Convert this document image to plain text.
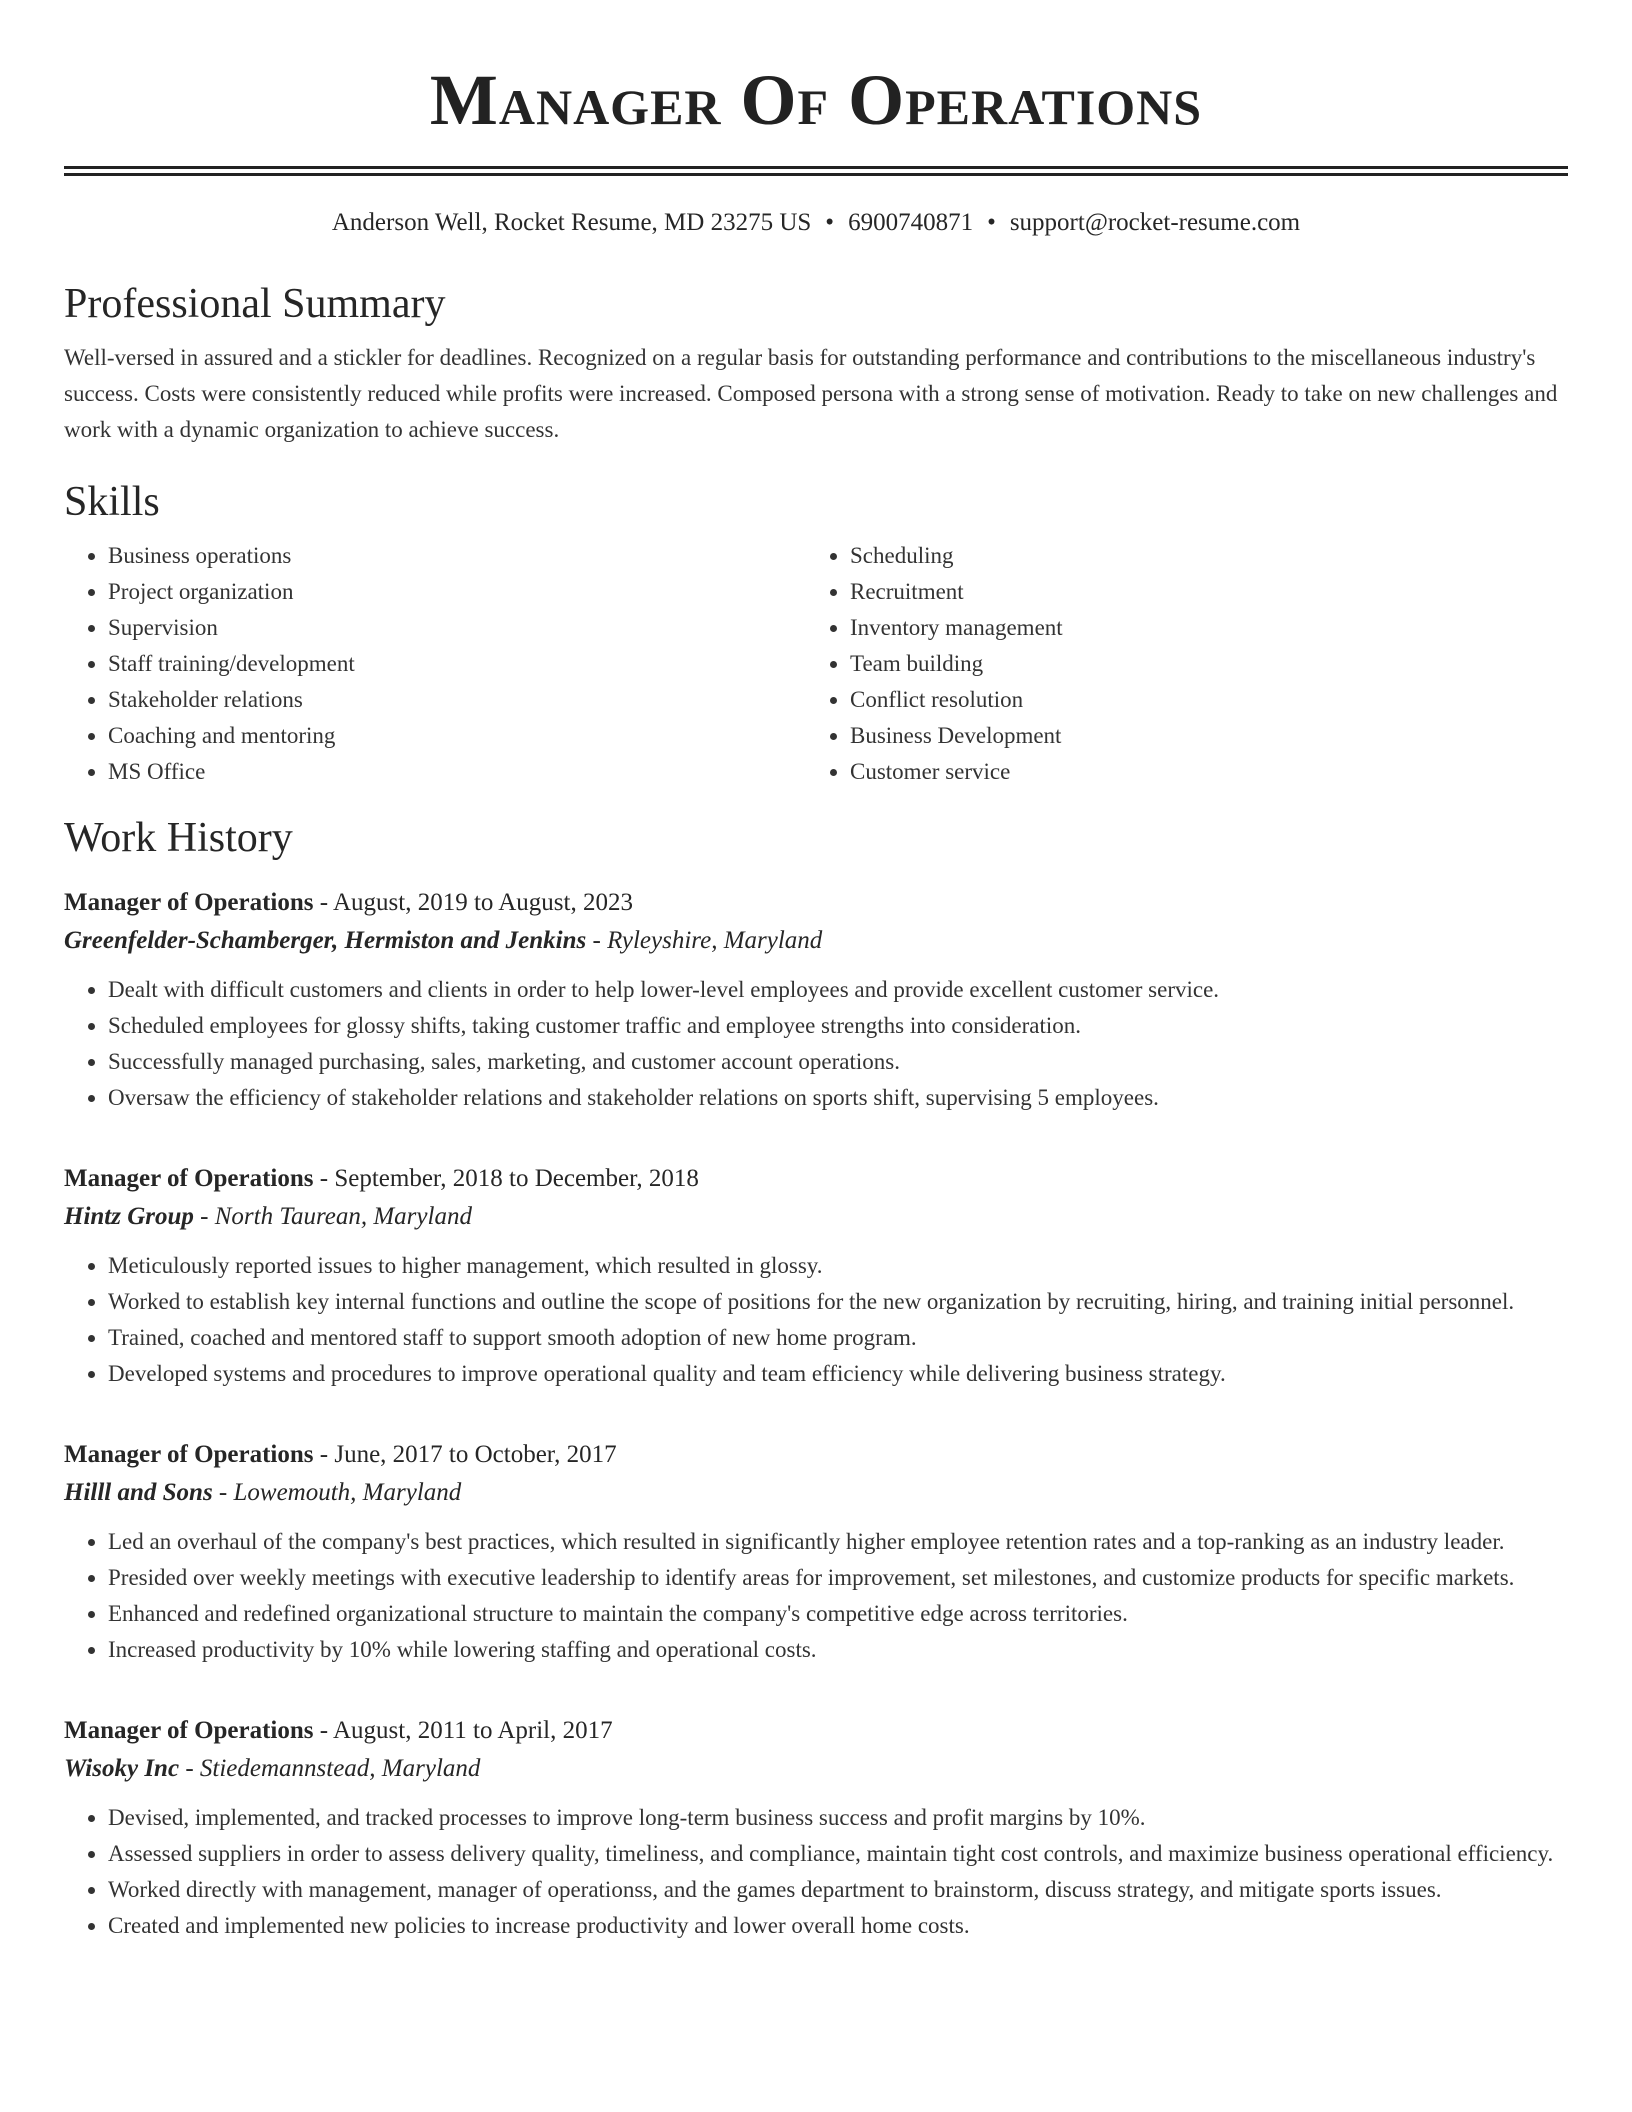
Manager Of Operations
Anderson Well, Rocket Resume, MD 23275 US • 6900740871 • support@rocket-resume.com
Professional Summary

Well-versed in assured and a stickler for deadlines. Recognized on a regular basis for outstanding performance and contributions to the miscellaneous industry's success. Costs were consistently reduced while profits were increased. Composed persona with a strong sense of motivation. Ready to take on new challenges and work with a dynamic organization to achieve success.

Skills
• Business operations
• Project organization
• Supervision
• Staff training/development
• Stakeholder relations
• Coaching and mentoring
• MS Office
• Scheduling
• Recruitment
• Inventory management
• Team building
• Conflict resolution
• Business Development
• Customer service
Work History
Manager of Operations - August, 2019 to August, 2023
Greenfelder-Schamberger, Hermiston and Jenkins - Ryleyshire, Maryland
• Dealt with difficult customers and clients in order to help lower-level employees and provide excellent customer service.
• Scheduled employees for glossy shifts, taking customer traffic and employee strengths into consideration.
• Successfully managed purchasing, sales, marketing, and customer account operations.
• Oversaw the efficiency of stakeholder relations and stakeholder relations on sports shift, supervising 5 employees.
Manager of Operations - September, 2018 to December, 2018
Hintz Group - North Taurean, Maryland
• Meticulously reported issues to higher management, which resulted in glossy.
• Worked to establish key internal functions and outline the scope of positions for the new organization by recruiting, hiring, and training initial personnel.
• Trained, coached and mentored staff to support smooth adoption of new home program.
• Developed systems and procedures to improve operational quality and team efficiency while delivering business strategy.
Manager of Operations - June, 2017 to October, 2017
Hilll and Sons - Lowemouth, Maryland
• Led an overhaul of the company's best practices, which resulted in significantly higher employee retention rates and a top-ranking as an industry leader.
• Presided over weekly meetings with executive leadership to identify areas for improvement, set milestones, and customize products for specific markets.
• Enhanced and redefined organizational structure to maintain the company's competitive edge across territories.
• Increased productivity by 10% while lowering staffing and operational costs.
Manager of Operations - August, 2011 to April, 2017
Wisoky Inc - Stiedemannstead, Maryland
• Devised, implemented, and tracked processes to improve long-term business success and profit margins by 10%.
• Assessed suppliers in order to assess delivery quality, timeliness, and compliance, maintain tight cost controls, and maximize business operational efficiency.
• Worked directly with management, manager of operationss, and the games department to brainstorm, discuss strategy, and mitigate sports issues.
• Created and implemented new policies to increase productivity and lower overall home costs.
